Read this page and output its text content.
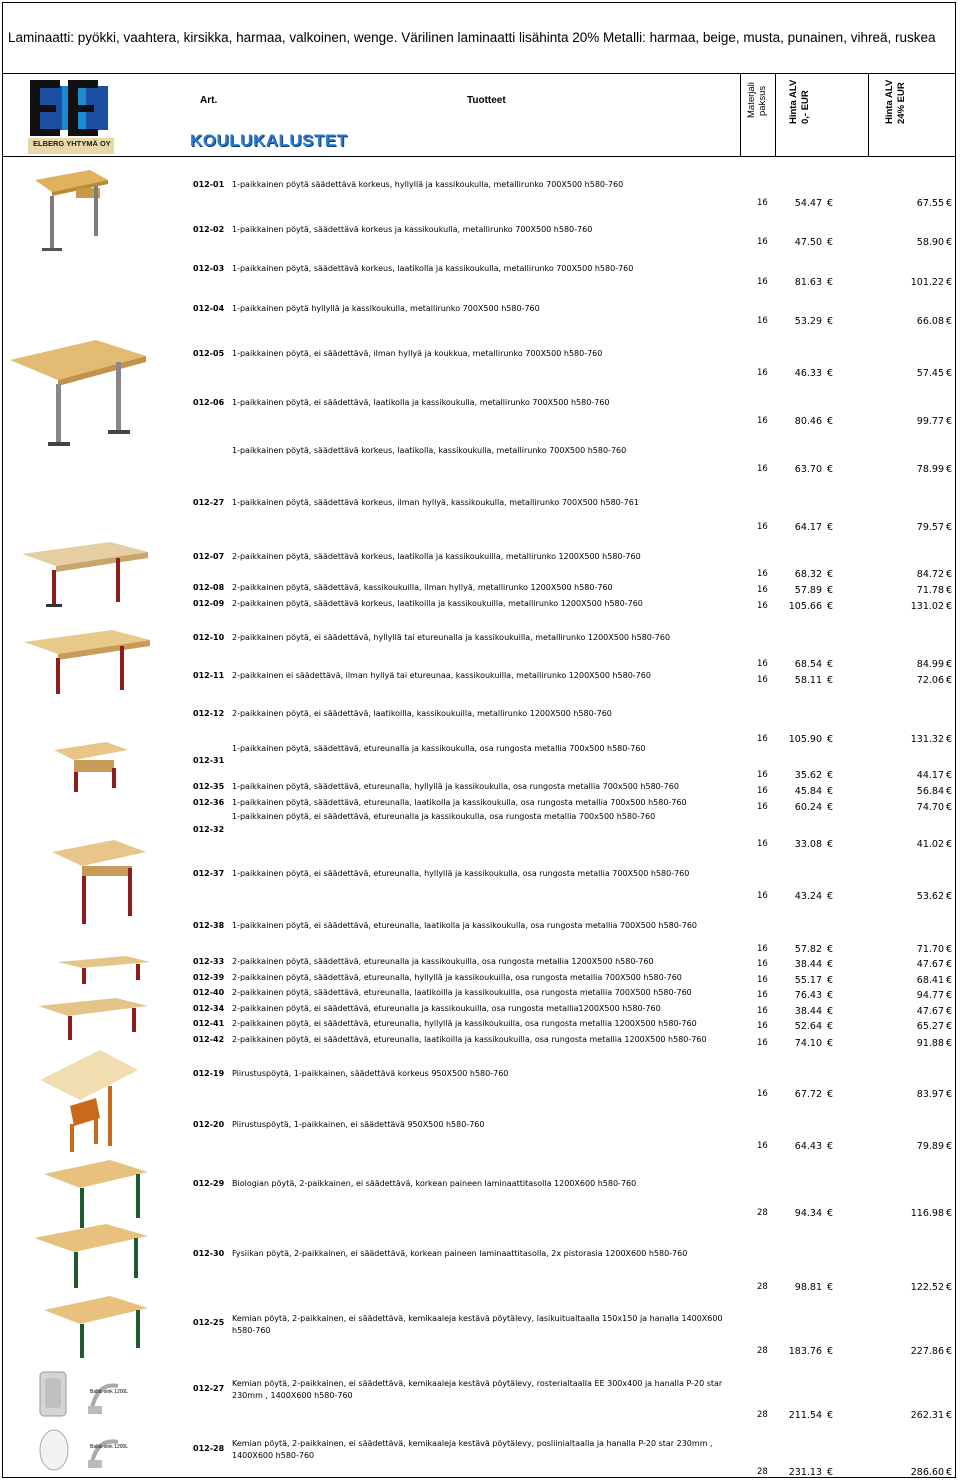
Laminaatti: pyökki, vaahtera, kirsikka, harmaa, valkoinen, wenge. Värilinen laminaatti lisähinta 20% Metalli: harmaa, beige, musta, punainen, vihreä, ruskea
ELBERG YHTYMÄ OY
Art.	Tuotteet	Materjali paksus Hinta ALV 0,- EUR	Hinta ALV 24% EUR
KOULUKALUSTET
Baltic-sink 1200L
Baltic-sink 1200L
012-01 1-paikkainen pöytä säädettävä korkeus, hyllyllä ja kassikoukulla, metallirunko 700X500 h580-760
16	54.47 €	67.55 €
012-02 1-paikkainen pöytä, säädettävä korkeus ja kassikoukulla, metallirunko 700X500 h580-760
16	47.50 €	58.90 €
012-03 1-paikkainen pöytä, säädettävä korkeus, laatikolla ja kassikoukulla, metallirunko 700X500 h580-760
16	81.63 €	101.22 €
012-04 1-paikkainen pöytä hyllyllä ja kassikoukulla, metallirunko 700X500 h580-760
16	53.29 €	66.08 €
012-05 1-paikkainen pöytä, ei säädettävä, ilman hyllyä ja koukkua, metallirunko 700X500 h580-760
16	46.33 €	57.45 €
012-06 1-paikkainen pöytä, ei säädettävä, laatikolla ja kassikoukulla, metallirunko 700X500 h580-760
16	80.46 €	99.77 €
1-paikkainen pöytä, säädettävä korkeus, laatikolla, kassikoukulla, metallirunko 700X500 h580-760
16	63.70 €	78.99 €
012-27 1-paikkainen pöytä, säädettävä korkeus, ilman hyllyä, kassikoukulla, metallirunko 700X500 h580-761
16	64.17 €	79.57 €
012-07 2-paikkainen pöytä, säädettävä korkeus, laatikolla ja kassikoukuilla, metallirunko 1200X500 h580-760
16	68.32 €	84.72 €
012-08 2-paikkainen pöytä, säädettävä, kassikoukuilla, ilman hyllyä, metallirunko 1200X500 h580-760	16	57.89 €	71.78 €
012-09 2-paikkainen pöytä, säädettävä korkeus, laatikoilla ja kassikoukuilla, metallirunko 1200X500 h580-760	16	105.66 €	131.02 €
012-10 2-paikkainen pöytä, ei säädettävä, hyllyllä tai etureunalla ja kassikoukuilla, metallirunko 1200X500 h580-760
16	68.54 €	84.99 €
012-11 2-paikkainen ei säädettävä, ilman hyllyä tai etureunaa, kassikoukuilla, metallirunko 1200X500 h580-760	16	58.11 €	72.06 €
012-12 2-paikkainen pöytä, ei säädettävä, laatikoilla, kassikoukuilla, metallirunko 1200X500 h580-760
16	105.90 €	131.32 €
012-31
1-paikkainen pöytä, säädettävä, etureunalla ja kassikoukulla, osa rungosta metallia 700x500 h580-760
16	35.62 €	44.17 €
012-35 1-paikkainen pöytä, säädettävä, etureunalla, hyllyllä ja kassikoukulla, osa rungosta metallia 700x500 h580-760	16	45.84 €	56.84 €
012-36 1-paikkainen pöytä, säädettävä, etureunalla, laatikolla ja kassikoukulla, osa rungosta metallia 700x500 h580-760	16	60.24 €	74.70 €
012-32
1-paikkainen pöytä, ei säädettävä, etureunalla ja kassikoukulla, osa rungosta metallia 700x500 h580-760
16	33.08 €	41.02 €
012-37 1-paikkainen pöytä, ei säädettävä, etureunalla, hyllyllä ja kassikoukulla, osa rungosta metallia 700X500 h580-760
16	43.24 €	53.62 €
012-38 1-paikkainen pöytä, ei säädettävä, etureunalla, laatikolla ja kassikoukulla, osa rungosta metallia 700X500 h580-760
16	57.82 €	71.70 €
012-33 2-paikkainen pöytä, säädettävä, etureunalla ja kassikoukuilla, osa rungosta metallia 1200X500 h580-760	16	38.44 €	47.67 €
012-39 2-paikkainen pöytä, säädettävä, etureunalla, hyllyllä ja kassikoukuilla, osa rungosta metallia 700X500 h580-760	16	55.17 €	68.41 €
012-40 2-paikkainen pöytä, säädettävä, etureunalla, laatikoilla ja kassikoukuilla, osa rungosta metallia 700X500 h580-760	16	76.43 €	94.77 €
012-34 2-paikkainen pöytä, ei säädettävä, etureunalla ja kassikoukuilla, osa rungosta metallia1200X500 h580-760	16	38.44 €	47.67 €
012-41 2-paikkainen pöytä, ei säädettävä, etureunalla, hyllyllä ja kassikoukuilla, osa rungosta metallia 1200X500 h580-760	16	52.64 €	65.27 €
012-42 2-paikkainen pöytä, ei säädettävä, etureunalla, laatikoilla ja kassikoukuilla, osa rungosta metallia 1200X500 h580-760	16	74.10 €	91.88 €
012-19 Piirustuspöytä, 1-paikkainen, säädettävä korkeus 950X500 h580-760
16	67.72 €	83.97 €
012-20 Piirustuspöytä, 1-paikkainen, ei säädettävä 950X500 h580-760
16	64.43 €	79.89 €
012-29 Biologian pöytä, 2-paikkainen, ei säädettävä, korkean paineen laminaattitasolla 1200X600 h580-760
28	94.34 €	116.98 €
012-30 Fysiikan pöytä, 2-paikkainen, ei säädettävä, korkean paineen laminaattitasolla, 2x pistorasia 1200X600 h580-760
28	98.81 €	122.52 €
012-25 Kemian pöytä, 2-paikkainen, ei säädettävä, kemikaaleja kestävä pöytälevy, lasikuitualtaalla 150x150 ja hanalla 1400X600 h580-760
28	183.76 €	227.86 €
012-27
Kemian pöytä, 2-paikkainen, ei säädettävä, kemikaaleja kestävä pöytälevy, rosterialtaalla EE 300x400 ja hanalla P-20 star 230mm , 1400X600 h580-760
28	211.54 €	262.31 €
012-28
Kemian pöytä, 2-paikkainen, ei säädettävä, kemikaaleja kestävä pöytälevy, posliinialtaalla ja hanalla P-20 star 230mm , 1400X600 h580-760
28	231.13 €	286.60 €
